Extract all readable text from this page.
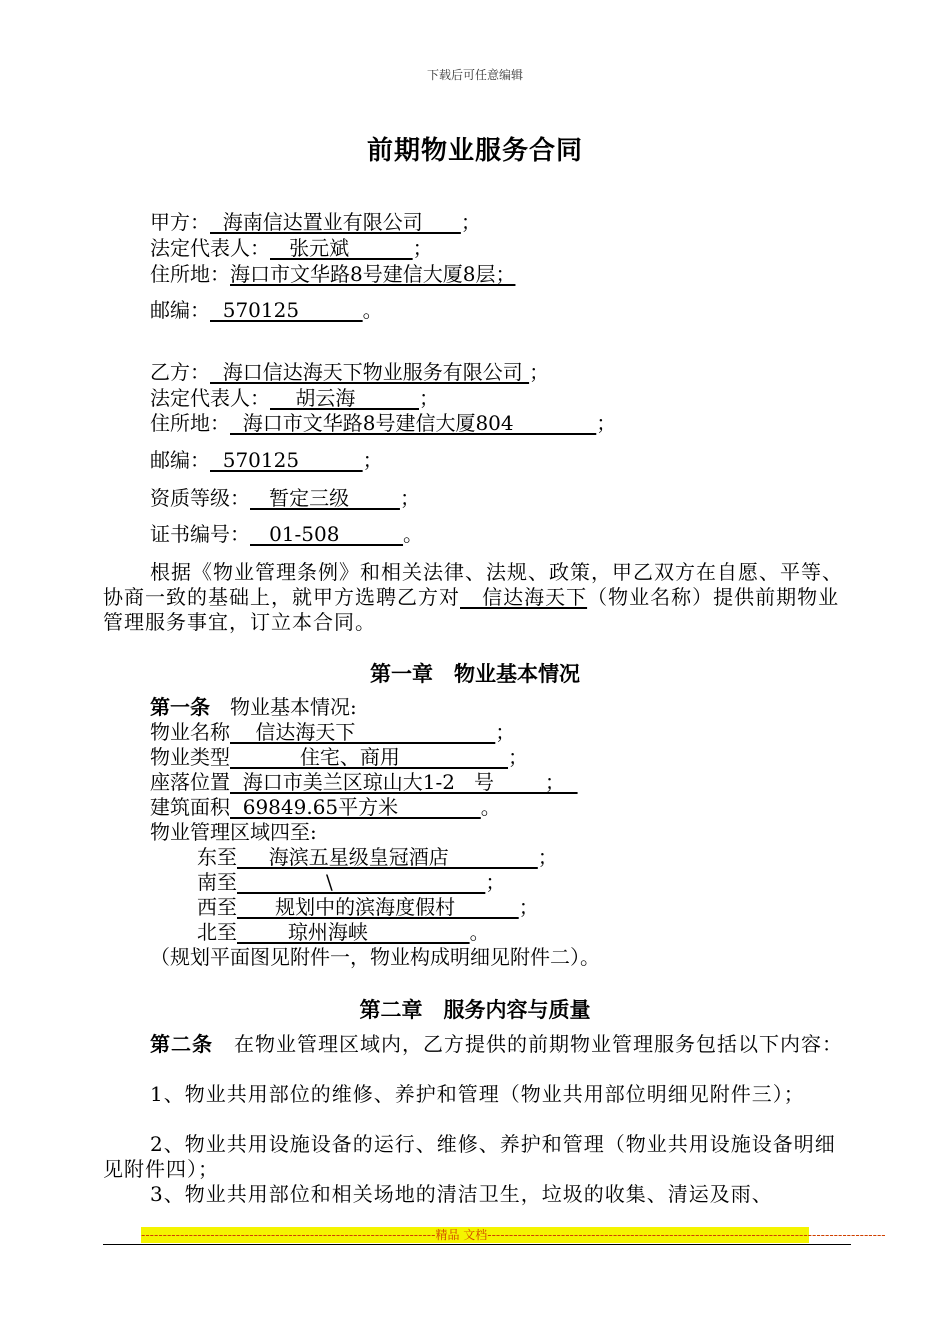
下载后可任意编辑
前期物业服务合同
甲方：  海南信达置业有限公司      ；
法定代表人：   张元斌          ；
住所地：海口市文华路8号建信大厦8层；
邮编：  570125          。
乙方：  海口信达海天下物业服务有限公司 ；
法定代表人：    胡云海          ；
住所地：  海口市文华路8号建信大厦804             ；
邮编：  570125          ；
资质等级：   暂定三级        ；
证书编号：   01-508          。
根据《物业管理条例》和相关法律、法规、政策，甲乙双方在自愿、平等、协商一致的基础上，就甲方选聘乙方对   信达海天下（物业名称）提供前期物业管理服务事宜，订立本合同。
第一章　物业基本情况
第一条　物业基本情况:
物业名称    信达海天下                      ；
物业类型           住宅、商用                 ；
座落位置  海口市美兰区琼山大1-2   号        ；
建筑面积  69849.65平方米             。
物业管理区域四至:
东至     海滨五星级皇冠酒店              ；
南至              \                        ；
西至      规划中的滨海度假村          ；
北至        琼州海峡                。
（规划平面图见附件一，物业构成明细见附件二）。
第二章　服务内容与质量
第二条　在物业管理区域内，乙方提供的前期物业管理服务包括以下内容：
1、物业共用部位的维修、养护和管理（物业共用部位明细见附件三）；
2、物业共用设施设备的运行、维修、养护和管理（物业共用设施设备明细见附件四）；
3、物业共用部位和相关场地的清洁卫生，垃圾的收集、清运及雨、
--------------------------------------------------------------------精品 文档--------------------------------------------------------------------------------------------
